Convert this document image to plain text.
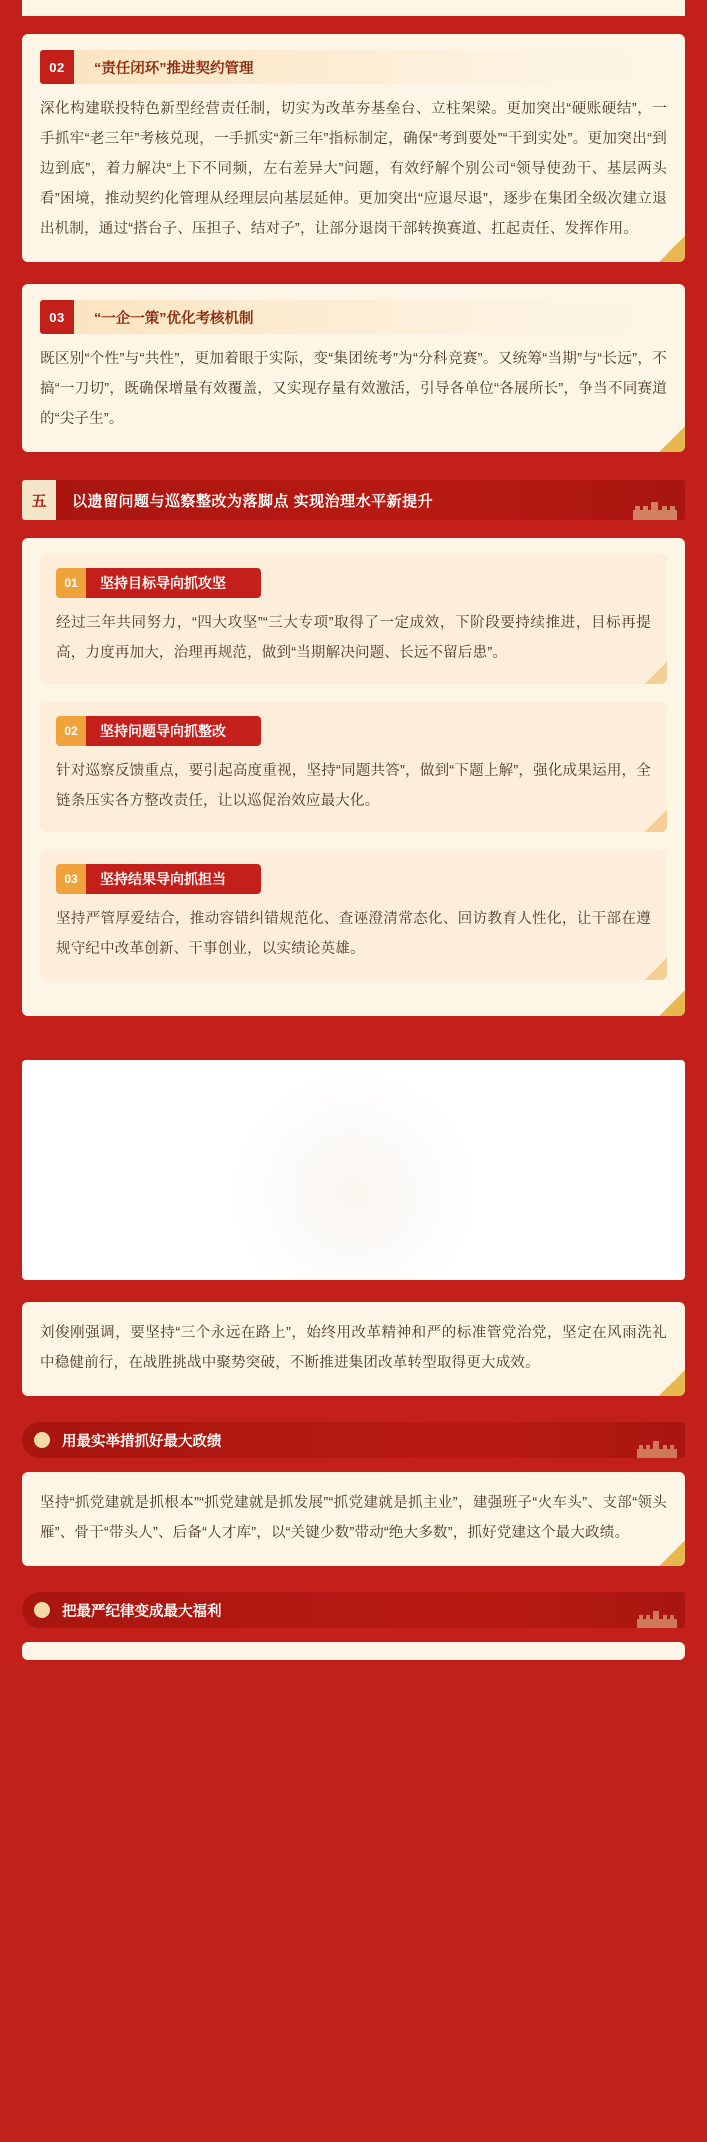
02	“责任闭环”推进契约管理

深化构建联投特色新型经营责任制，切实为改革夯基垒台、立柱架梁。更加突出“硬账硬结”，一手抓牢“老三年”考核兑现，一手抓实“新三年”指标制定，确保“考到要处”“干到实处”。更加突出“到边到底”，着力解决“上下不同频，左右差异大”问题，有效纾解个别公司“领导使劲干、基层两头看”困境，推动契约化管理从经理层向基层延伸。更加突出“应退尽退”，逐步在集团全级次建立退出机制，通过“搭台子、压担子、结对子”，让部分退岗干部转换赛道、扛起责任、发挥作用。

03	“一企一策”优化考核机制

既区别“个性”与“共性”，更加着眼于实际，变“集团统考”为“分科竞赛”。又统筹“当期”与“长远”，不搞“一刀切”，既确保增量有效覆盖，又实现存量有效激活，引导各单位“各展所长”，争当不同赛道的“尖子生”。

五	以遗留问题与巡察整改为落脚点 实现治理水平新提升
01	坚持目标导向抓攻坚

经过三年共同努力，“四大攻坚”“三大专项”取得了一定成效，下阶段要持续推进，目标再提高，力度再加大，治理再规范，做到“当期解决问题、长远不留后患”。

02	坚持问题导向抓整改

针对巡察反馈重点，要引起高度重视，坚持“同题共答”，做到“下题上解”，强化成果运用，全链条压实各方整改责任，让以巡促治效应最大化。

03	坚持结果导向抓担当

坚持严管厚爱结合，推动容错纠错规范化、查诬澄清常态化、回访教育人性化，让干部在遵规守纪中改革创新、干事创业，以实绩论英雄。

刘俊刚强调，要坚持“三个永远在路上”，始终用改革精神和严的标准管党治党，坚定在风雨洗礼中稳健前行，在战胜挑战中聚势突破，不断推进集团改革转型取得更大成效。

用最实举措抓好最大政绩

坚持“抓党建就是抓根本”“抓党建就是抓发展”“抓党建就是抓主业”，建强班子“火车头”、支部“领头雁”、骨干“带头人”、后备“人才库”，以“关键少数”带动“绝大多数”，抓好党建这个最大政绩。

把最严纪律变成最大福利
